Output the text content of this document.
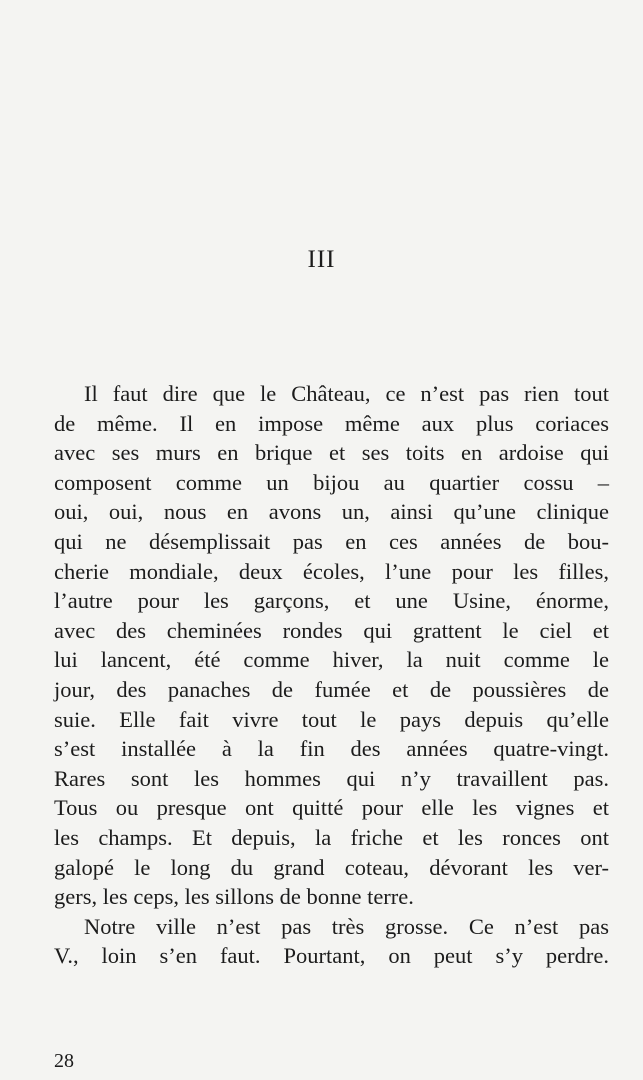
III
Il faut dire que le Château, ce n’est pas rien tout
de même. Il en impose même aux plus coriaces
avec ses murs en brique et ses toits en ardoise qui
composent comme un bijou au quartier cossu –
oui, oui, nous en avons un, ainsi qu’une clinique
qui ne désemplissait pas en ces années de bou-
cherie mondiale, deux écoles, l’une pour les filles,
l’autre pour les garçons, et une Usine, énorme,
avec des cheminées rondes qui grattent le ciel et
lui lancent, été comme hiver, la nuit comme le
jour, des panaches de fumée et de poussières de
suie. Elle fait vivre tout le pays depuis qu’elle
s’est installée à la fin des années quatre-vingt.
Rares sont les hommes qui n’y travaillent pas.
Tous ou presque ont quitté pour elle les vignes et
les champs. Et depuis, la friche et les ronces ont
galopé le long du grand coteau, dévorant les ver-
gers, les ceps, les sillons de bonne terre.
Notre ville n’est pas très grosse. Ce n’est pas
V., loin s’en faut. Pourtant, on peut s’y perdre.

28
